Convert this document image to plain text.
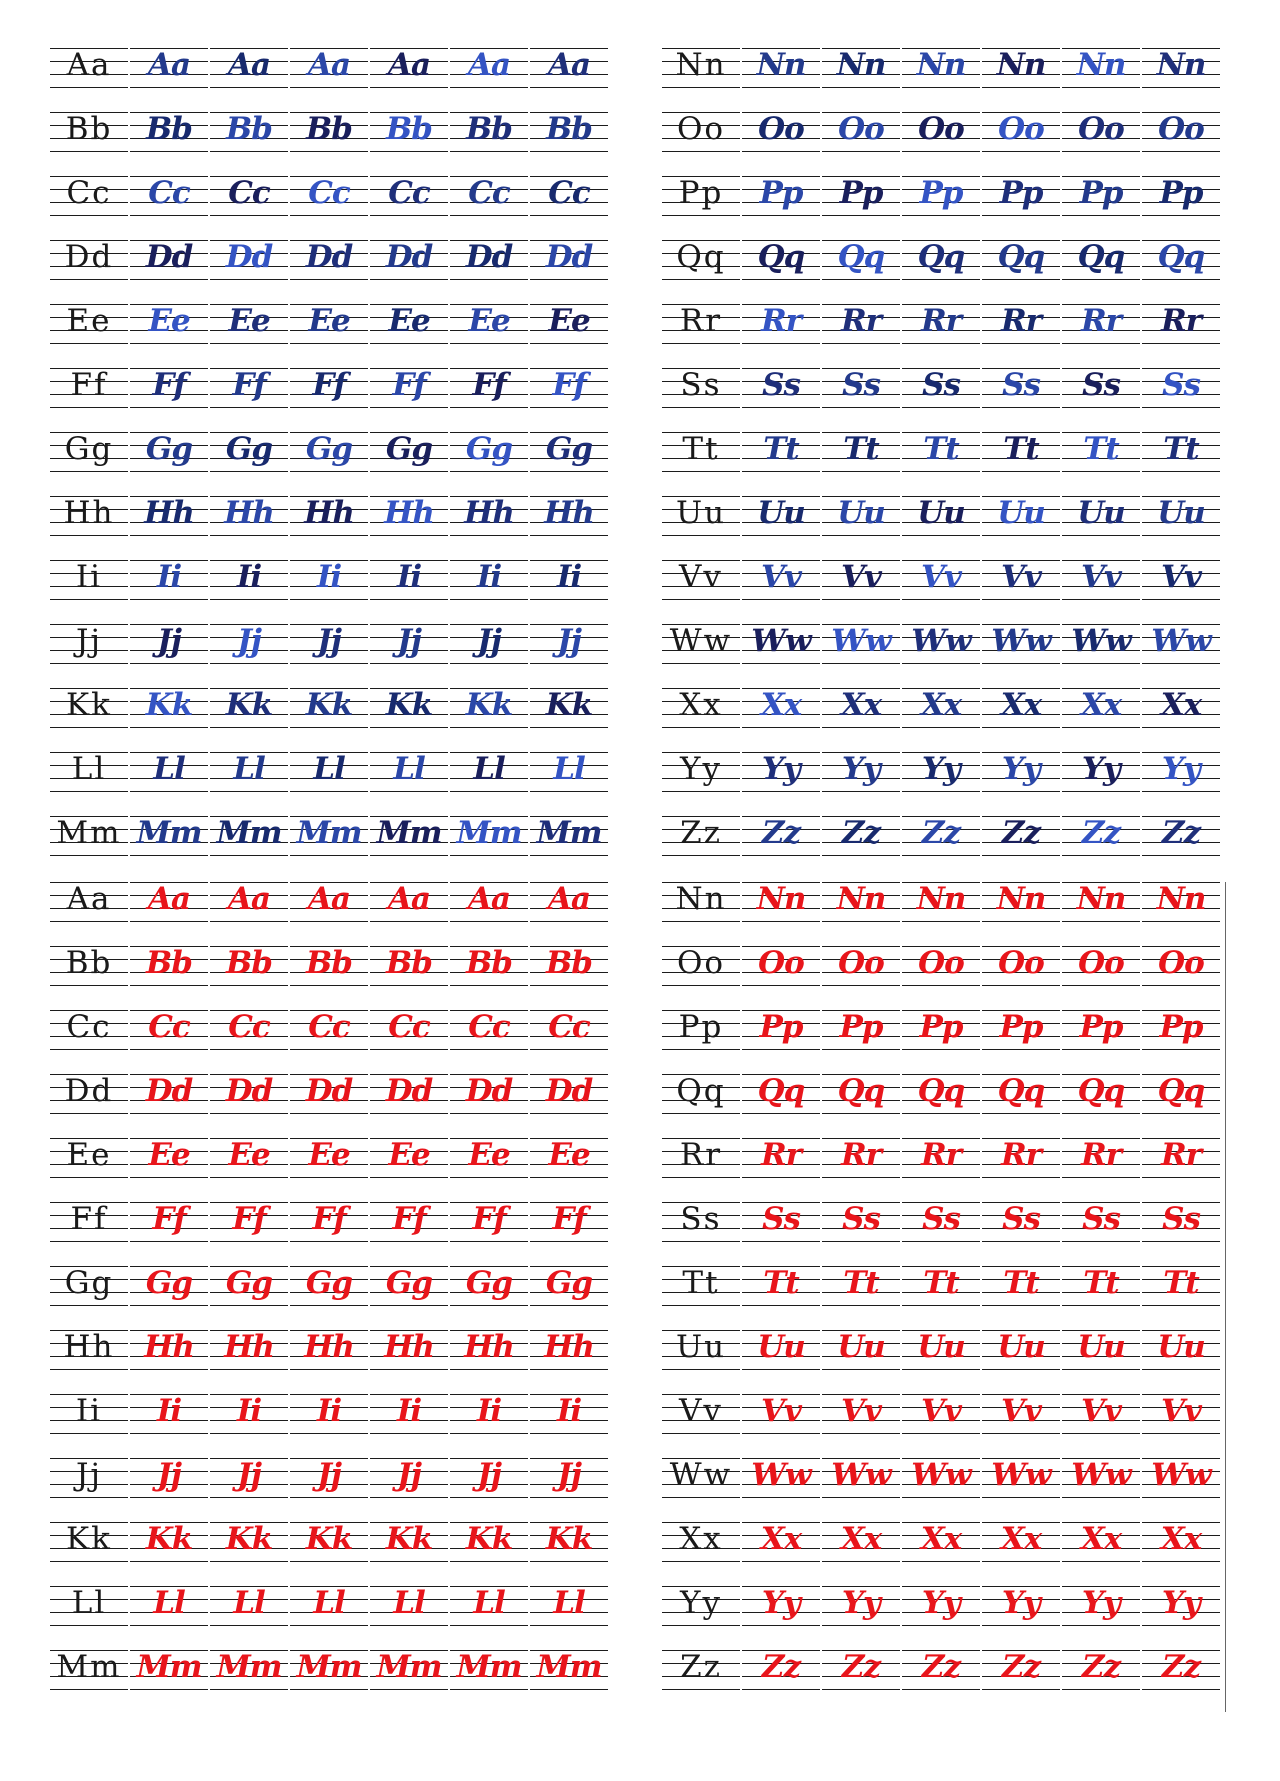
Aa	Aa	Aa	Aa	Aa	Aa	Aa
Bb	Bb	Bb	Bb	Bb	Bb	Bb
Cc	Cc	Cc	Cc	Cc	Cc	Cc
Dd	Dd	Dd	Dd	Dd	Dd	Dd
Ee	Ee	Ee	Ee	Ee	Ee	Ee
Ff	Ff	Ff	Ff	Ff	Ff	Ff
Gg	Gg	Gg	Gg	Gg	Gg	Gg
Hh Hh Hh Hh Hh Hh Hh
Ii	Ii	Ii	Ii	Ii	Ii	Ii
Jj	Jj	Jj	Jj	Jj	Jj	Jj
Kk	Kk	Kk	Kk	Kk	Kk	Kk
Ll	Ll	Ll	Ll	Ll	Ll	Ll
Mm Mm Mm Mm Mm Mm Mm
Nn Nn	Nn	Nn	Nn	Nn	Nn
Oo	Oo	Oo	Oo	Oo	Oo	Oo
Pp	Pp	Pp	Pp	Pp	Pp	Pp
Qq	Qq	Qq	Qq	Qq	Qq	Qq
Rr	Rr	Rr	Rr	Rr	Rr	Rr
Ss	Ss	Ss	Ss	Ss	Ss	Ss
Tt	Tt	Tt	Tt	Tt	Tt	Tt
Uu	Uu	Uu	Uu	Uu	Uu	Uu
Vv	Vv	Vv	Vv	Vv	Vv	Vv
Ww Ww Ww Ww Ww Ww Ww
Xx	Xx	Xx	Xx	Xx	Xx	Xx
Yy	Yy	Yy	Yy	Yy	Yy	Yy
Zz	Zz	Zz	Zz	Zz	Zz	Zz
Aa	Aa	Aa	Aa	Aa	Aa	Aa
Bb	Bb	Bb	Bb	Bb	Bb	Bb
Cc	Cc	Cc	Cc	Cc	Cc	Cc
Dd	Dd	Dd	Dd	Dd	Dd	Dd
Ee	Ee	Ee	Ee	Ee	Ee	Ee
Ff	Ff	Ff	Ff	Ff	Ff	Ff
Gg	Gg	Gg	Gg	Gg	Gg	Gg
Hh Hh Hh Hh Hh Hh Hh
Ii	Ii	Ii	Ii	Ii	Ii	Ii
Jj	Jj	Jj	Jj	Jj	Jj	Jj
Kk	Kk	Kk	Kk	Kk	Kk	Kk
Ll	Ll	Ll	Ll	Ll	Ll	Ll
Mm Mm Mm Mm Mm Mm Mm
Nn Nn	Nn	Nn	Nn	Nn	Nn
Oo	Oo	Oo	Oo	Oo	Oo	Oo
Pp	Pp	Pp	Pp	Pp	Pp	Pp
Qq	Qq	Qq	Qq	Qq	Qq	Qq
Rr	Rr	Rr	Rr	Rr	Rr	Rr
Ss	Ss	Ss	Ss	Ss	Ss	Ss
Tt	Tt	Tt	Tt	Tt	Tt	Tt
Uu	Uu	Uu	Uu	Uu	Uu	Uu
Vv	Vv	Vv	Vv	Vv	Vv	Vv
Ww Ww Ww Ww Ww Ww Ww
Xx	Xx	Xx	Xx	Xx	Xx	Xx
Yy	Yy	Yy	Yy	Yy	Yy	Yy
Zz	Zz	Zz	Zz	Zz	Zz	Zz
